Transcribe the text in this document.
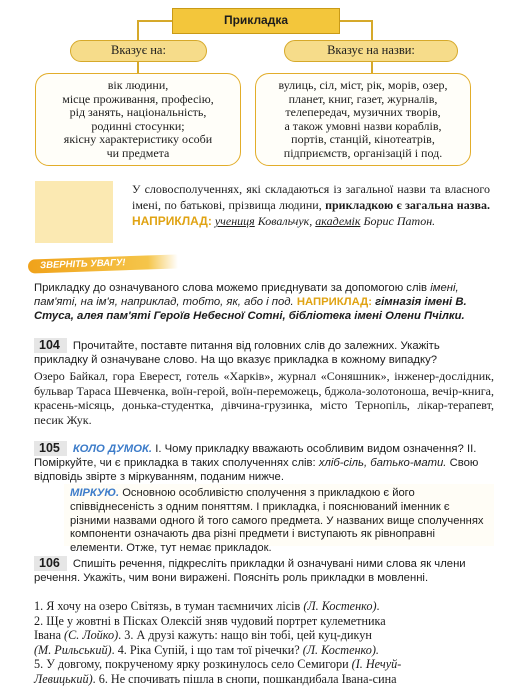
Прикладка
Вказує на:	Вказує на назви:
вік людини,
місце проживання, професію,
рід занять, національність,
родинні стосунки;
якісну характеристику особи
чи предмета
вулиць, сіл, міст, рік, морів, озер,
планет, книг, газет, журналів,
телепередач, музичних творів,
а також умовні назви кораблів,
портів, станцій, кінотеатрів,
підприємств, організацій і под.
У словосполученнях, які складаються із загальної назви та власного імені, по батькові, прізвища людини, прикладкою є загальна назва. НАПРИКЛАД: учениця Ковальчук, академік Борис Патон.
ЗВЕРНІТЬ УВАГУ!
Прикладку до означуваного слова можемо приєднувати за допомогою слів імені, пам'яті, на ім'я, наприклад, тобто, як, або і под. НАПРИКЛАД: гімназія імені В. Стуса, алея пам'яті Героїв Небесної Сотні, бібліотека імені Олени Пчілки.
104 Прочитайте, поставте питання від головних слів до залежних. Укажіть прикладку й означуване слово. На що вказує прикладка в кожному випадку?
Озеро Байкал, гора Еверест, готель «Харків», журнал «Соняшник», інженер-дослідник, бульвар Тараса Шевченка, воїн-герой, воїн-переможець, бджола-золотоноша, вечір-книга, красень-місяць, донька-студентка, дівчина-грузинка, місто Тернопіль, лікар-терапевт, песик Жук.
105 КОЛО ДУМОК. І. Чому прикладку вважають особливим видом означення? ІІ. Поміркуйте, чи є прикладка в таких сполученнях слів: хліб-сіль, батько-мати. Свою відповідь звірте з міркуванням, поданим нижче.
МІРКУЮ. Основною особливістю сполучення з прикладкою є його співвіднесеність з одним поняттям. І прикладка, і пояснюваний іменник є різними назвами одного й того самого предмета. У названих вище сполученнях компоненти означають два різні предмети і виступають як рівноправні елементи. Отже, тут немає прикладок.
106 Спишіть речення, підкресліть прикладки й означувані ними слова як члени речення. Укажіть, чим вони виражені. Поясніть роль прикладки в мовленні.
1. Я хочу на озеро Світязь, в туман таємничих лісів (Л. Костенко).
2. Ще у жовтні в Пісках Олексій зняв чудовий портрет кулеметника
Івана (С. Лойко). 3. А друзі кажуть: нащо він тобі, цей куц-дикун
(М. Рильський). 4. Ріка Супій, і що там тої річечки? (Л. Костенко).
5. У довгому, покрученому ярку розкинулось село Семигори (І. Нечуй-
Левицький). 6. Не спочивать пішла в снопи, пошкандибала Івана-сина
